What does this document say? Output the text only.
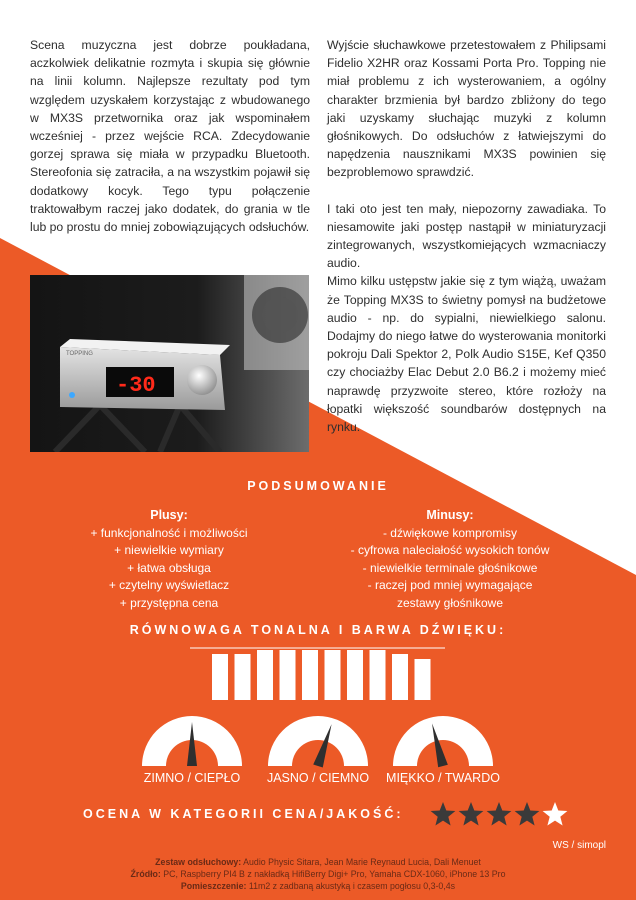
Scena muzyczna jest dobrze poukładana, aczkolwiek delikatnie rozmyta i skupia się głównie na linii kolumn. Najlepsze rezultaty pod tym względem uzyskałem korzystając z wbudowanego w MX3S przetwornika oraz jak wspominałem wcześniej - przez wejście RCA. Zdecydowanie gorzej sprawa się miała w przypadku Bluetooth. Stereofonia się zatraciła, a na wszystkim pojawił się dodatkowy kocyk. Tego typu połączenie traktowałbym raczej jako dodatek, do grania w tle lub po prostu do mniej zobowiązujących odsłuchów.

Wyjście słuchawkowe przetestowałem z Philipsami Fidelio X2HR oraz Kossami Porta Pro. Topping nie miał problemu z ich wysterowaniem, a ogólny charakter brzmienia był bardzo zbliżony do tego jaki uzyskamy słuchając muzyki z kolumn głośnikowych. Do odsłuchów z łatwiejszymi do napędzenia nausznikami MX3S powinien się bezproblemowo sprawdzić.

I taki oto jest ten mały, niepozorny zawadiaka. To niesamowite jaki postęp nastąpił w miniaturyzacji zintegrowanych, wszystkomiejących wzmacniaczy audio.

Mimo kilku ustępstw jakie się z tym wiążą, uważam że Topping MX3S to świetny pomysł na budżetowe audio - np. do sypialni, niewielkiego salonu. Dodajmy do niego łatwe do wysterowania monitorki pokroju Dali Spektor 2, Polk Audio S15E, Kef Q350 czy chociażby Elac Debut 2.0 B6.2 i możemy mieć naprawdę przyzwoite stereo, które rozłoży na łopatki większość soundbarów dostępnych na rynku.

-30
TOPPING
PODSUMOWANIE
Plusy:
+ funkcjonalność i możliwości
+ niewielkie wymiary
+ łatwa obsługa
+ czytelny wyświetlacz
+ przystępna cena
Minusy:
- dźwiękowe kompromisy
- cyfrowa naleciałość wysokich tonów
- niewielkie terminale głośnikowe
- raczej pod mniej wymagające
zestawy głośnikowe
RÓWNOWAGA TONALNA I BARWA DŹWIĘKU:
ZIMNO / CIEPŁO	JASNO / CIEMNO	MIĘKKO / TWARDO
OCENA W KATEGORII CENA/JAKOŚĆ:
WS / simopl
Zestaw odsłuchowy: Audio Physic Sitara, Jean Marie Reynaud Lucia, Dali Menuet
Źródło: PC, Raspberry PI4 B z nakładką HifiBerry Digi+ Pro, Yamaha CDX-1060, iPhone 13 Pro
Pomieszczenie: 11m2 z zadbaną akustyką i czasem pogłosu 0,3-0,4s
